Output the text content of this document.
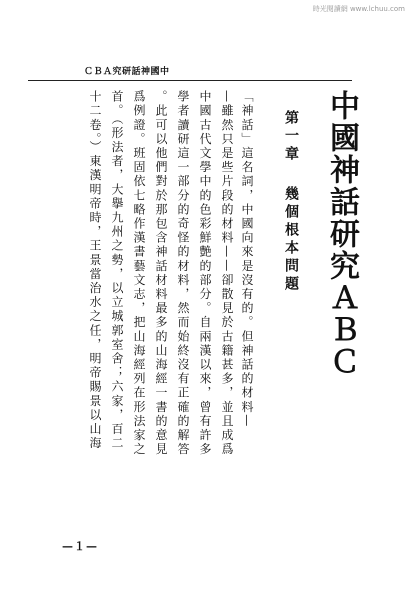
時光閱讀網 www.lchuu.com
ＣＢＡ究研話神國中
中國神話研究ＡＢＣ
第一章幾個根本問題
「神話」這名詞，中國向來是沒有的。但神話的材料—
—雖然只是些片段的材料——卻散見於古籍甚多，並且成爲
中國古代文學中的色彩鮮艶的部分。自兩漢以來，曾有許多
學者讀研這一部分的奇怪的材料，然而始終沒有正確的解答
。此可以他們對於那包含神話材料最多的山海經一書的意見
爲例證。班固依七略作漢書藝文志，把山海經列在形法家之
首。（形法者，大擧九州之勢，以立城郭室舍；六家，百二
十二卷。）東漢明帝時，王景當治水之任，明帝賜景以山海
—１—
